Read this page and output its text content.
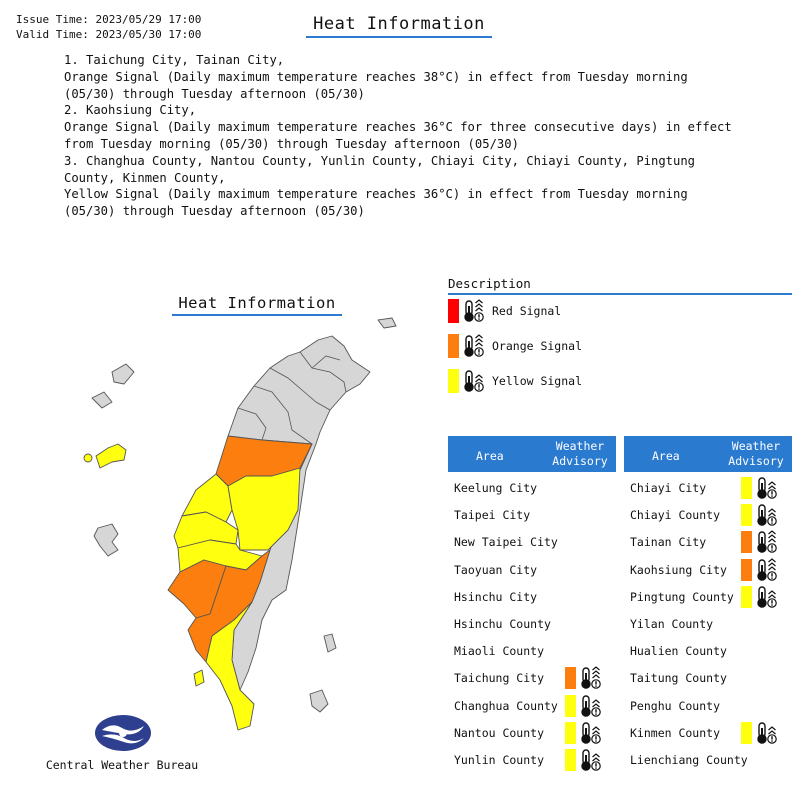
Issue Time: 2023/05/29 17:00
Valid Time: 2023/05/30 17:00
Heat Information

1. Taichung City, Tainan City,
Orange Signal (Daily maximum temperature reaches 38°C) in effect from Tuesday morning
(05/30) through Tuesday afternoon (05/30)

2. Kaohsiung City,
Orange Signal (Daily maximum temperature reaches 36°C for three consecutive days) in effect
from Tuesday morning (05/30) through Tuesday afternoon (05/30)

3. Changhua County, Nantou County, Yunlin County, Chiayi City, Chiayi County, Pingtung
County, Kinmen County,
Yellow Signal (Daily maximum temperature reaches 36°C) in effect from Tuesday morning
(05/30) through Tuesday afternoon (05/30)

Heat Information
Description
Red Signal
Orange Signal
Yellow Signal
Area
Weather
Advisory
Keelung City
Taipei City
New Taipei City
Taoyuan City
Hsinchu City
Hsinchu County
Miaoli County
Taichung City
Changhua County
Nantou County
Yunlin County
Area
Weather
Advisory
Chiayi City
Chiayi County
Tainan City
Kaohsiung City
Pingtung County
Yilan County
Hualien County
Taitung County
Penghu County
Kinmen County
Lienchiang County
Central Weather Bureau
